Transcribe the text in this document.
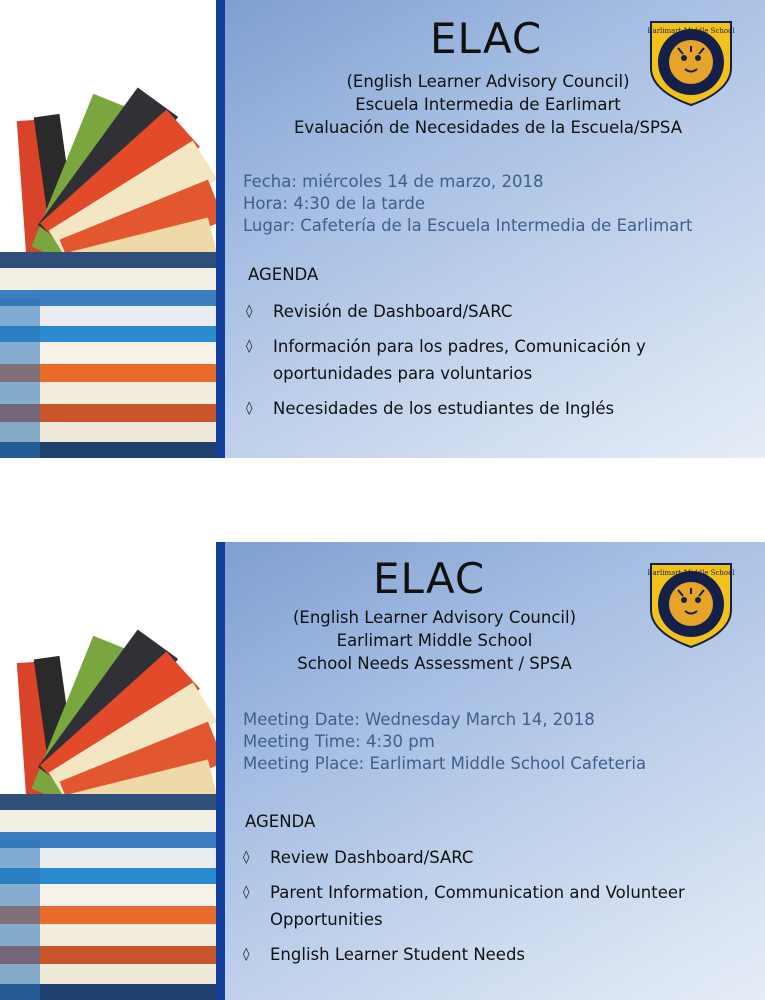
Earlimart Middle School
ELAC
(English Learner Advisory Council)
Escuela Intermedia de Earlimart
Evaluación de Necesidades de la Escuela/SPSA
Fecha: miércoles 14 de marzo, 2018
Hora: 4:30 de la tarde
Lugar: Cafetería de la Escuela Intermedia de Earlimart
AGENDA
◊ Revisión de Dashboard/SARC
◊ Información para los padres, Comunicación y oportunidades para voluntarios
◊ Necesidades de los estudiantes de Inglés
Earlimart Middle School
ELAC
(English Learner Advisory Council)
Earlimart Middle School
School Needs Assessment / SPSA
Meeting Date: Wednesday March 14, 2018
Meeting Time: 4:30 pm
Meeting Place: Earlimart Middle School Cafeteria
AGENDA
◊ Review Dashboard/SARC
◊ Parent Information, Communication and Volunteer Opportunities
◊ English Learner Student Needs
